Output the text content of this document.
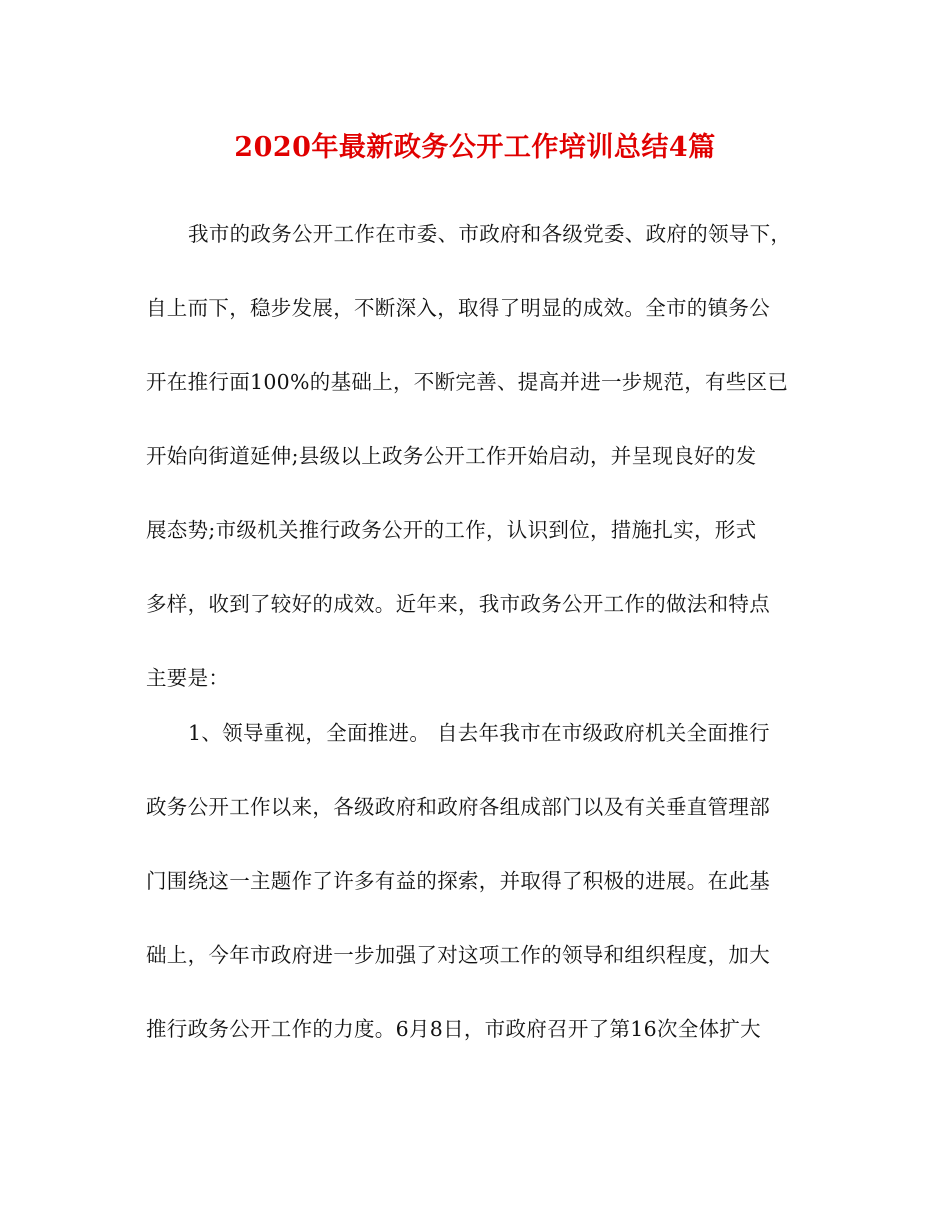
2020年最新政务公开工作培训总结4篇
我市的政务公开工作在市委、市政府和各级党委、政府的领导下，
自上而下，稳步发展，不断深入，取得了明显的成效。全市的镇务公
开在推行面100%的基础上，不断完善、提高并进一步规范，有些区已
开始向街道延伸;县级以上政务公开工作开始启动，并呈现良好的发
展态势;市级机关推行政务公开的工作，认识到位，措施扎实，形式
多样，收到了较好的成效。近年来，我市政务公开工作的做法和特点
主要是：
1、领导重视，全面推进。 自去年我市在市级政府机关全面推行
政务公开工作以来，各级政府和政府各组成部门以及有关垂直管理部
门围绕这一主题作了许多有益的探索，并取得了积极的进展。在此基
础上，今年市政府进一步加强了对这项工作的领导和组织程度，加大
推行政务公开工作的力度。6月8日，市政府召开了第16次全体扩大
